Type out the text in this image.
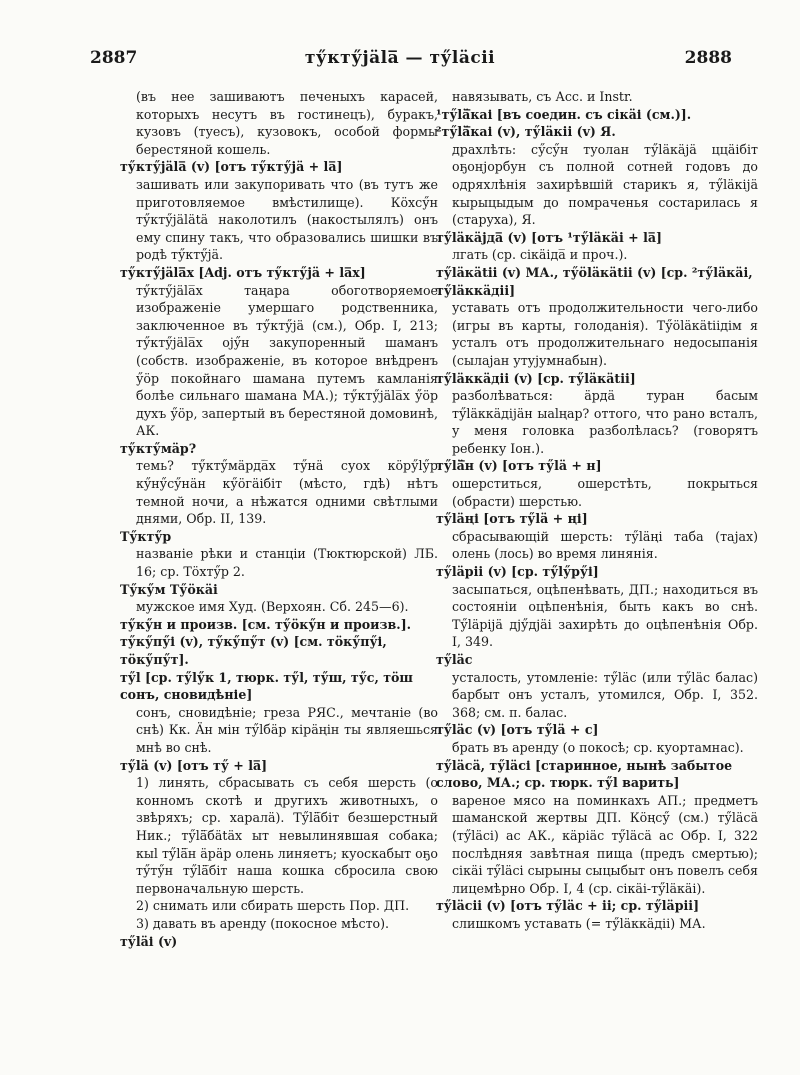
2887	тӳктӳjäla̅ — тӳläсіі	2888

(въ нее зашиваютъ печеныхъ карасей, которыхъ несутъ въ гостинецъ), буракъ, кузовъ (туесъ), кузовокъ, особой формы берестяной кошель.

тӳктӳjäla̅ (v) [отъ тӳктӳjä + la̅]

зашивать или закупоривать что (въ тутъ же приготовляемое вмѣстилище). Кӧхсӳн тӳктӳjälätä наколотилъ (накостылялъ) онъ ему спину такъ, что образовались шишки въ родѣ тӳктӳjä.

тӳктӳjäla̅х [Adj. отъ тӳктӳjä + la̅х]

тӳктӳjäla̅х таңара обоготворяемое изображеніе умершаго родственника, заключенное въ тӳктӳjä (см.), Обр. І, 213; тӳктӳjäla̅х ојӳн закупоренный шаманъ (собств. изображеніе, въ которое внѣдренъ ӳöр покойнаго шамана путемъ камланія болѣе сильнаго шамана МА.); тӳктӳjäla̅х ӳöр духъ ӳöр, запертый въ берестяной домовинѣ, АК.

тӳктӳмäр?

темь? тӳктӳмäрда̅х тӳнä суох кӧрӳlӳр кӳнӳсӳнäн кӳöгäiбiт (мѣсто, гдѣ) нѣтъ темной ночи, а нѣжатся одними свѣтлыми днями, Обр. ІІ, 139.

Тӳктӳр

названіе рѣки и станціи (Тюктюрской) ЛБ. 16; ср. Тӧхтӳр 2.

Тӳкӳм Тӳöкäi

мужское имя Худ. (Верхоян. Сб. 245—6).

тӳкӳн и произв. [см. тӳöкӳн и произв.].

тӳкӳпӳі (v), тӳкӳпӳт (v) [см. тӧкӳпӳі, тӧкӳпӳт].

тӳl [ср. тӳlӳк 1, тюрк. тӳl, тӳш, тӳс, тӧш сонъ, сновидѣніе]

сонъ, сновидѣніе; греза РЯС., мечтаніе (во снѣ) Кк. Äн мiн тӳlбäр кiрäңiн ты являешься мнѣ во снѣ.

тӳlä (v) [отъ тӳ + la̅]

1) линять, сбрасывать съ себя шерсть (о конномъ скотѣ и другихъ животныхъ, о звѣряхъ; ср. харалä). Тӳlä̅бiт безшерстный Ник.; тӳlä̅бätäх ыт невылинявшая собака; кыl тӳlä̅н äрäр олень линяетъ; куоскабыт оҕо тӳтӳн тӳlä̅бiт наша кошка сбросила свою первоначальную шерсть.

2) снимать или сбирать шерсть Пор. ДП.

3) давать въ аренду (покосное мѣсто).

тӳläі (v)

навязывать, съ Асс. и Instr.

¹тӳlä̅каі [въ соедин. съ сiкäі (см.)].

²тӳlä̅каі (v), тӳläкii (v) Я.

драхлѣть: сӳсӳн туолан тӳläкäjä ццäiбiт оҕонјорбун съ полной сотней годовъ до одряхлѣнія захирѣвшій старикъ я, тӳläкiјä кырыцыдым до помраченья состарилась я (старуха), Я.

тӳläкäjда̅ (v) [отъ ¹тӳläкäi + la̅]

лгать (ср. сiкäiда̅ и проч.).

тӳläкätii (v) МА., тӳöläкätii (v) [ср. ²тӳläкäi, тӳläккäдii]

уставать отъ продолжительности чего-либо (игры въ карты, голоданія). Тӳöläкätiiдiм я усталъ отъ продолжительнаго недосыпанія (сылаjан утујумнабын).

тӳläккäдii (v) [ср. тӳläкätii]

разболѣваться: äрдä туран басым тӳläккäдiјäн ыаlңар? оттого, что рано всталъ, у меня головка разболѣлась? (говорятъ ребенку Іон.).

тӳlä̅н (v) [отъ тӳlä + н]

ошерститься, ошерстѣть, покрыться (обрасти) шерстью.

тӳläңі [отъ тӳlä + ңі]

сбрасывающій шерсть: тӳläңi таба (таjах) олень (лось) во время линянія.

тӳläрii (v) [ср. тӳlӳрӳі]

засыпаться, оцѣпенѣвать, ДП.; находиться въ состояніи оцѣпенѣнія, быть какъ во снѣ. Тӳläрiјä дјӳдјäi захирѣть до оцѣпенѣнія Обр. І, 349.

тӳläс

усталость, утомленіе: тӳläс (или тӳläс балас) барбыт онъ усталъ, утомился, Обр. І, 352. 368; см. п. балас.

тӳläс (v) [отъ тӳlä + с]

брать въ аренду (о покосѣ; ср. куортамнас).

тӳläсä, тӳläсі [старинное, нынѣ забытое слово, МА.; ср. тюрк. тӳl варить]

вареное мясо на поминкахъ АП.; предметъ шаманской жертвы ДП. Кӧңсӳ (см.) тӳläсä (тӳläсi) ас АК., кäрiäс тӳläсä ас Обр. І, 322 послѣдняя завѣтная пища (предъ смертью); сiкäi тӳläсi сырыны сыцыбыт онъ повелъ себя лицемѣрно Обр. І, 4 (ср. сiкäi-тӳläкäi).

тӳläсii (v) [отъ тӳläс + ii; ср. тӳläрii]

слишкомъ уставать (= тӳläккäдii) МА.
